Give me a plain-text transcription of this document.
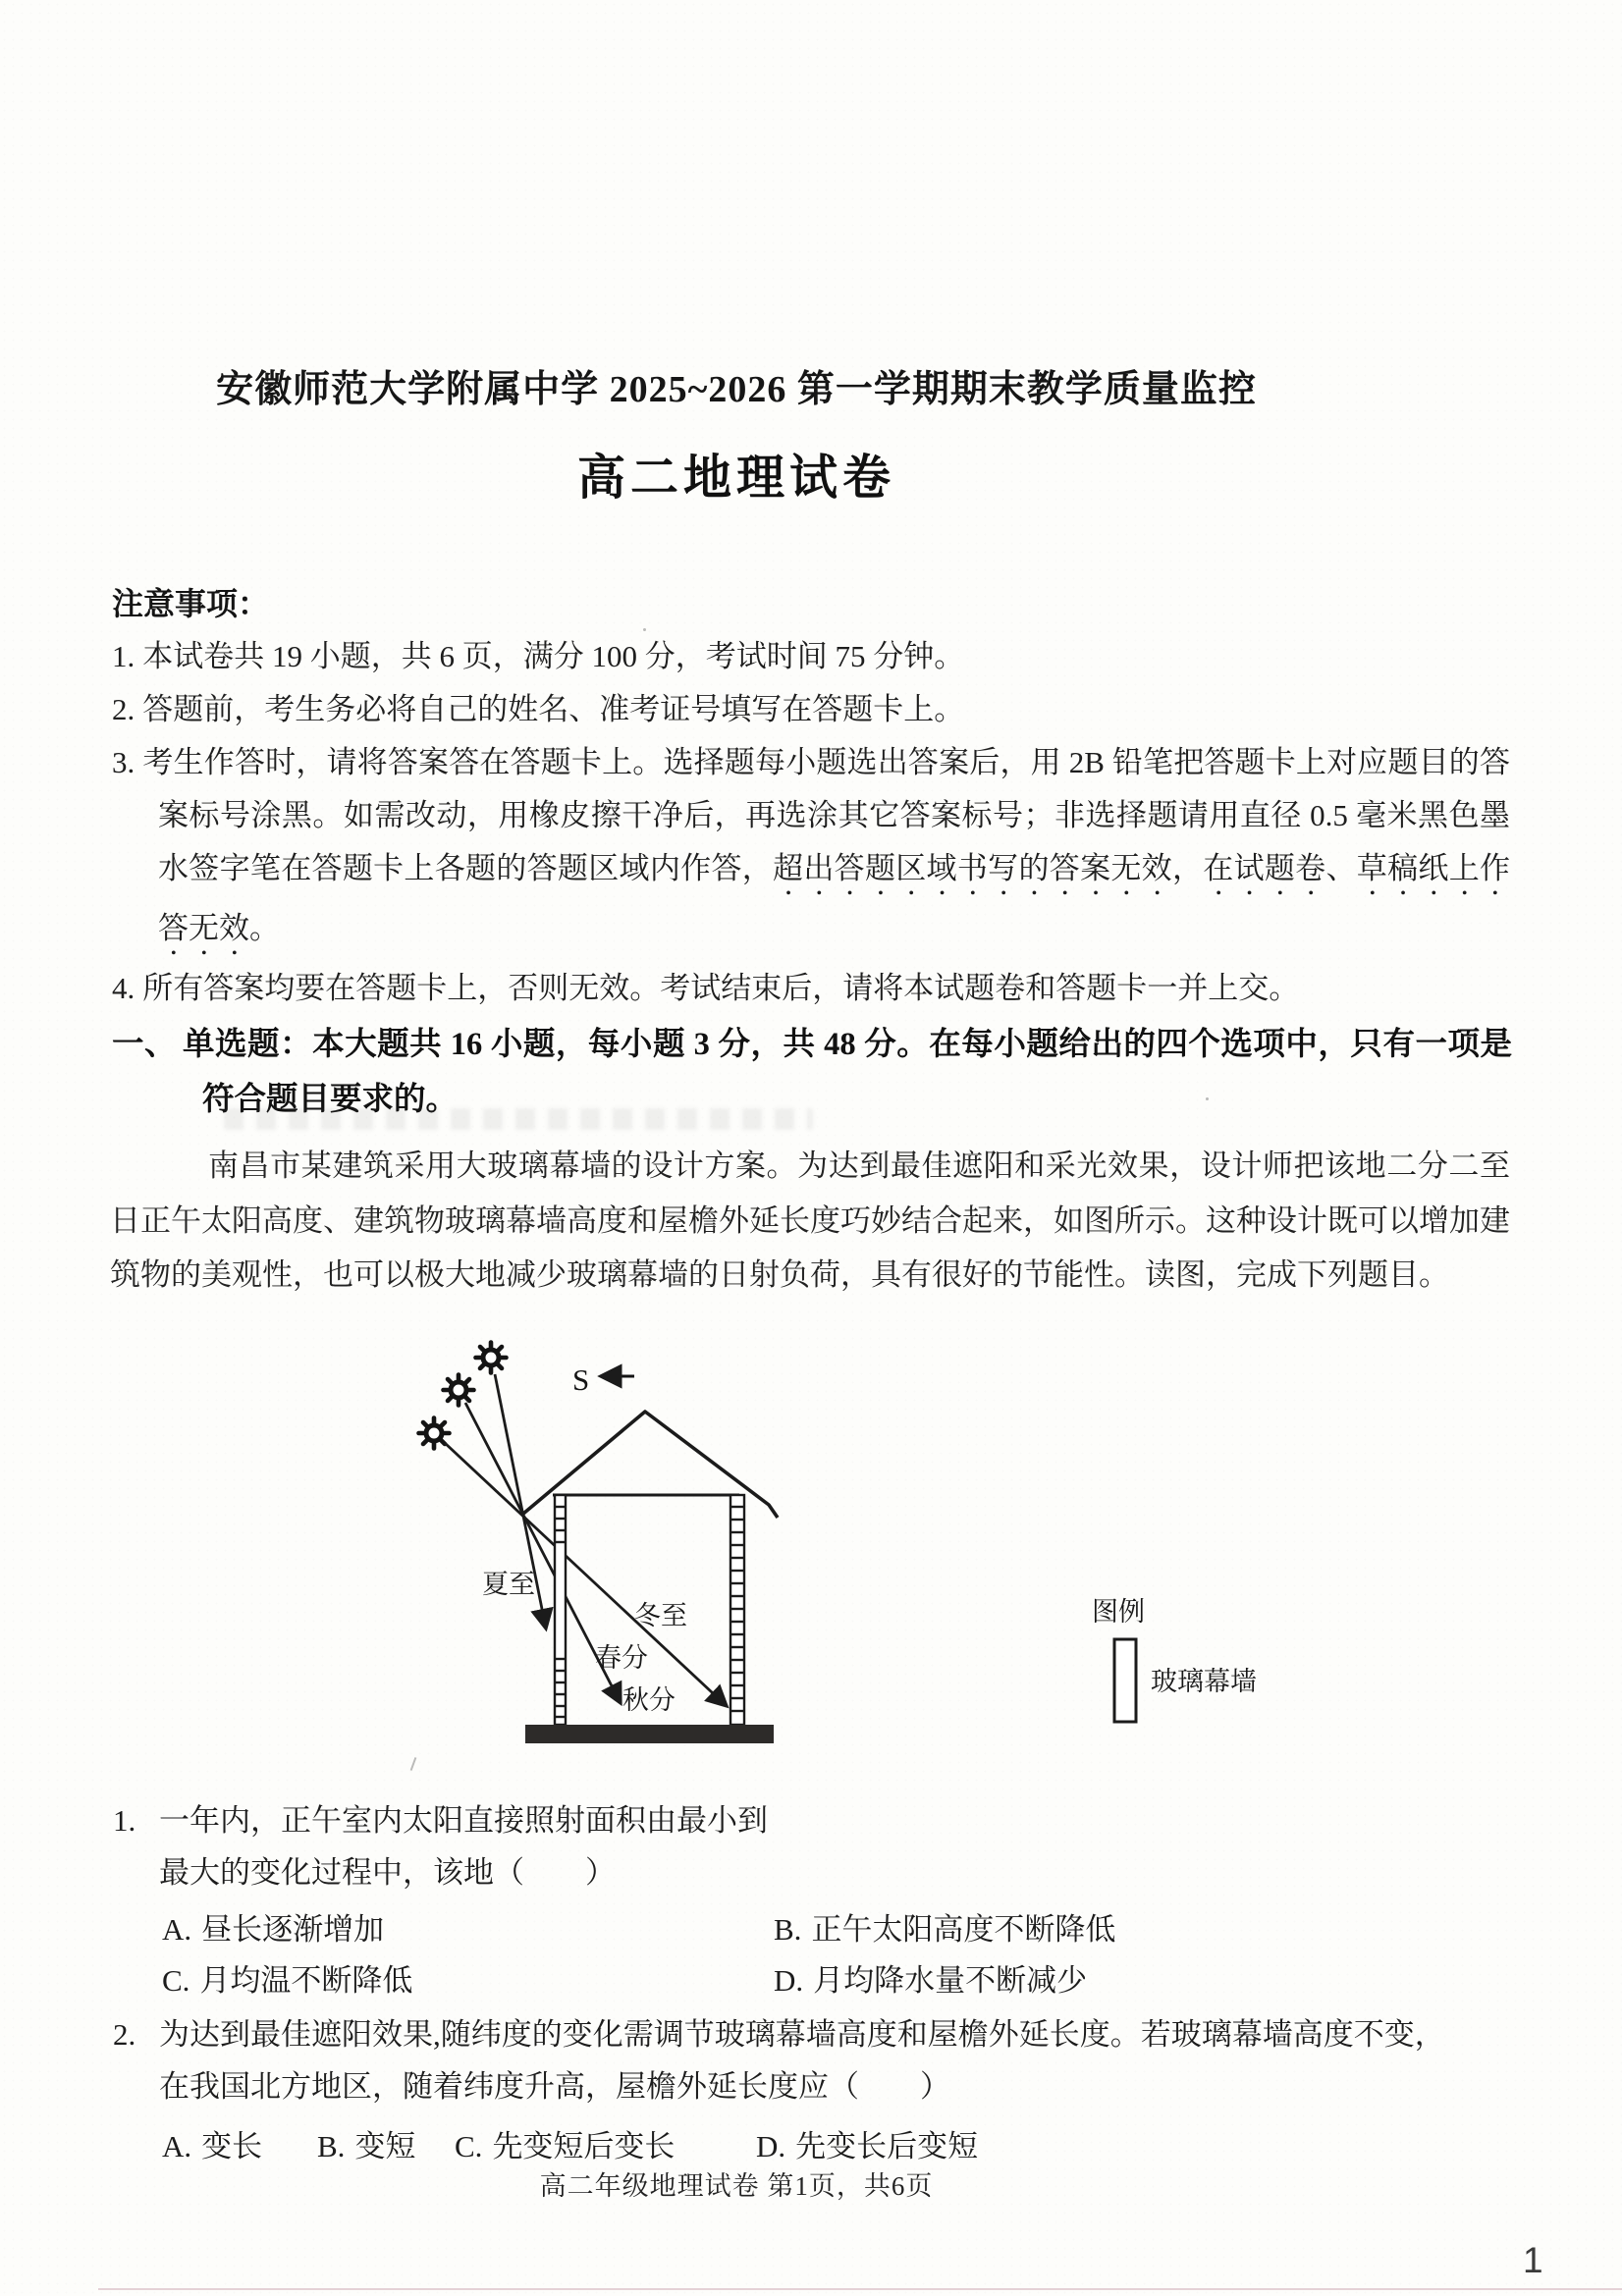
安徽师范大学附属中学 2025~2026 第一学期期末教学质量监控
高二地理试卷
注意事项：
1. 本试卷共 19 小题，共 6 页，满分 100 分，考试时间 75 分钟。
2. 答题前，考生务必将自己的姓名、准考证号填写在答题卡上。
3. 考生作答时，请将答案答在答题卡上。选择题每小题选出答案后，用 2B 铅笔把答题卡上对应题目的答案标号涂黑。如需改动，用橡皮擦干净后，再选涂其它答案标号；非选择题请用直径 0.5 毫米黑色墨水签字笔在答题卡上各题的答题区域内作答，超出答题区域书写的答案无效，在试题卷、草稿纸上作答无效。
4. 所有答案均要在答题卡上，否则无效。考试结束后，请将本试题卷和答题卡一并上交。
一、 单选题：本大题共 16 小题，每小题 3 分，共 48 分。在每小题给出的四个选项中，只有一项是符合题目要求的。
南昌市某建筑采用大玻璃幕墙的设计方案。为达到最佳遮阳和采光效果，设计师把该地二分二至日正午太阳高度、建筑物玻璃幕墙高度和屋檐外延长度巧妙结合起来，如图所示。这种设计既可以增加建筑物的美观性，也可以极大地减少玻璃幕墙的日射负荷，具有很好的节能性。读图，完成下列题目。
S
夏至
冬至
春分
秋分
图例
玻璃幕墙
1. 一年内，正午室内太阳直接照射面积由最小到
最大的变化过程中，该地（　　）
A. 昼长逐渐增加	B. 正午太阳高度不断降低
C. 月均温不断降低	D. 月均降水量不断减少
2. 为达到最佳遮阳效果,随纬度的变化需调节玻璃幕墙高度和屋檐外延长度。若玻璃幕墙高度不变，
在我国北方地区，随着纬度升高，屋檐外延长度应（　　）
A. 变长 B. 变短 C. 先变短后变长	D. 先变长后变短
高二年级地理试卷 第1页，共6页
1
